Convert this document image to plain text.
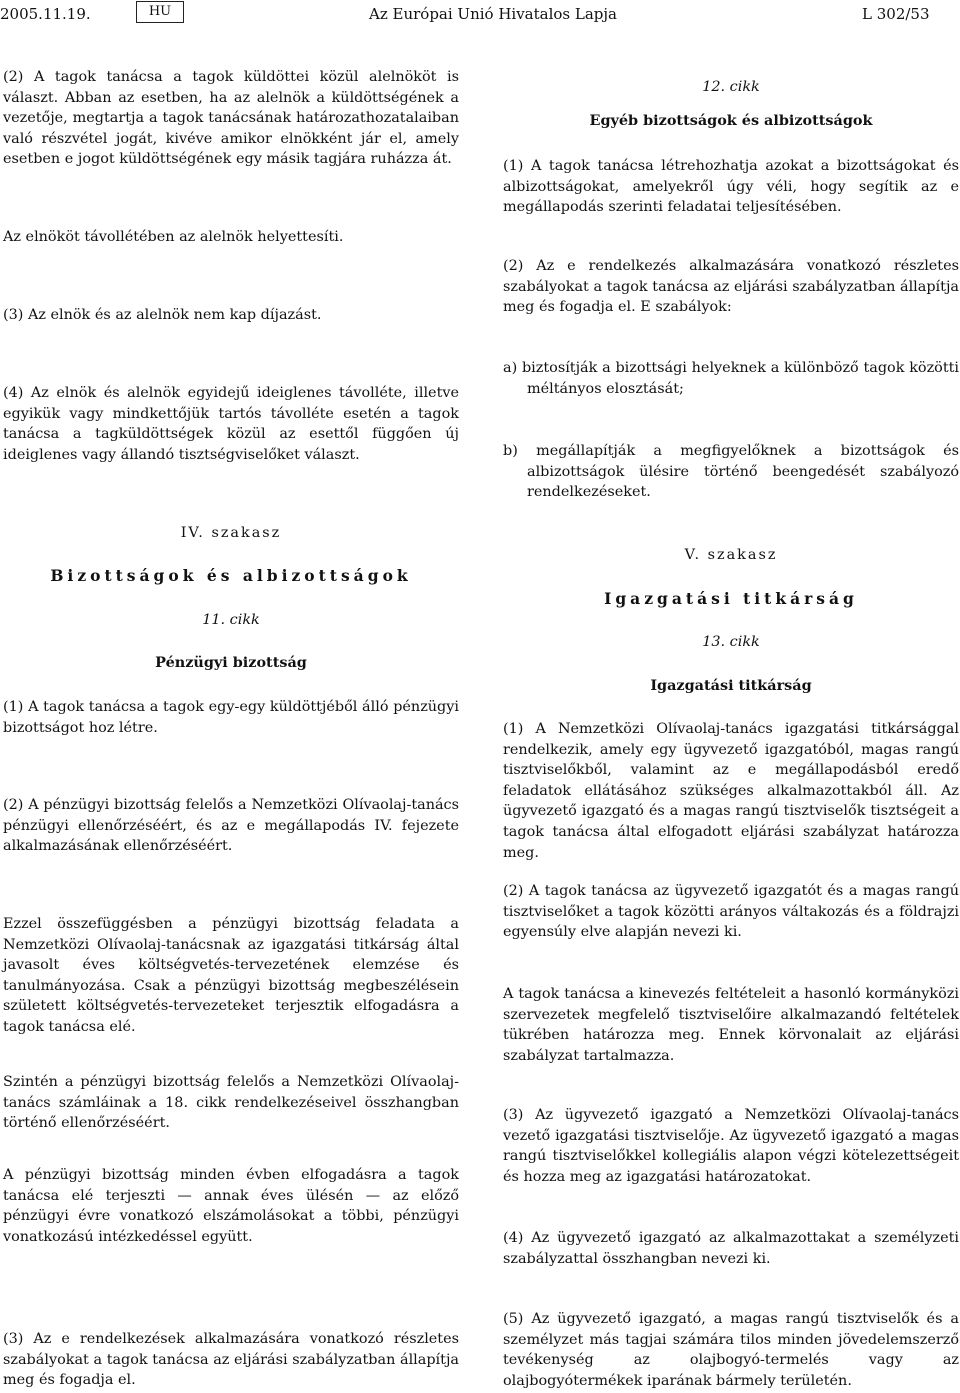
2005.11.19.	HU	Az Európai Unió Hivatalos Lapja	L 302/53

(2) A tagok tanácsa a tagok küldöttei közül alelnököt is választ. Abban az esetben, ha az alelnök a küldöttségének a vezetője, megtartja a tagok tanácsának határozathozatalaiban való részvétel jogát, kivéve amikor elnökként jár el, amely esetben e jogot küldöttségének egy másik tagjára ruházza át.

Az elnököt távollétében az alelnök helyettesíti.

(3) Az elnök és az alelnök nem kap díjazást.

(4) Az elnök és alelnök egyidejű ideiglenes távolléte, illetve egyikük vagy mindkettőjük tartós távolléte esetén a tagok tanácsa a tagküldöttségek közül az esettől függően új ideiglenes vagy állandó tisztségviselőket választ.

IV. szakasz

Bizottságok és albizottságok

11. cikk

Pénzügyi bizottság

(1) A tagok tanácsa a tagok egy-egy küldöttjéből álló pénzügyi bizottságot hoz létre.

(2) A pénzügyi bizottság felelős a Nemzetközi Olívaolaj-tanács pénzügyi ellenőrzéséért, és az e megállapodás IV. fejezete alkalmazásának ellenőrzéséért.

Ezzel összefüggésben a pénzügyi bizottság feladata a Nemzetközi Olívaolaj-tanácsnak az igazgatási titkárság által javasolt éves költségvetés-tervezetének elemzése és tanulmányozása. Csak a pénzügyi bizottság megbeszélésein született költségvetés-tervezeteket terjesztik elfogadásra a tagok tanácsa elé.

Szintén a pénzügyi bizottság felelős a Nemzetközi Olívaolaj-tanács számláinak a 18. cikk rendelkezéseivel összhangban történő ellenőrzéséért.

A pénzügyi bizottság minden évben elfogadásra a tagok tanácsa elé terjeszti — annak éves ülésén — az előző pénzügyi évre vonatkozó elszámolásokat a többi, pénzügyi vonatkozású intézkedéssel együtt.

(3) Az e rendelkezések alkalmazására vonatkozó részletes szabályokat a tagok tanácsa az eljárási szabályzatban állapítja meg és fogadja el.

12. cikk

Egyéb bizottságok és albizottságok

(1) A tagok tanácsa létrehozhatja azokat a bizottságokat és albizottságokat, amelyekről úgy véli, hogy segítik az e megállapodás szerinti feladatai teljesítésében.

(2) Az e rendelkezés alkalmazására vonatkozó részletes szabályokat a tagok tanácsa az eljárási szabályzatban állapítja meg és fogadja el. E szabályok:

a) biztosítják a bizottsági helyeknek a különböző tagok közötti méltányos elosztását;

b) megállapítják a megfigyelőknek a bizottságok és albizottságok ülésire történő beengedését szabályozó rendelkezéseket.

V. szakasz

Igazgatási titkárság

13. cikk

Igazgatási titkárság

(1) A Nemzetközi Olívaolaj-tanács igazgatási titkársággal rendelkezik, amely egy ügyvezető igazgatóból, magas rangú tisztviselőkből, valamint az e megállapodásból eredő feladatok ellátásához szükséges alkalmazottakból áll. Az ügyvezető igazgató és a magas rangú tisztviselők tisztségeit a tagok tanácsa által elfogadott eljárási szabályzat határozza meg.

(2) A tagok tanácsa az ügyvezető igazgatót és a magas rangú tisztviselőket a tagok közötti arányos váltakozás és a földrajzi egyensúly elve alapján nevezi ki.

A tagok tanácsa a kinevezés feltételeit a hasonló kormányközi szervezetek megfelelő tisztviselőire alkalmazandó feltételek tükrében határozza meg. Ennek körvonalait az eljárási szabályzat tartalmazza.

(3) Az ügyvezető igazgató a Nemzetközi Olívaolaj-tanács vezető igazgatási tisztviselője. Az ügyvezető igazgató a magas rangú tisztviselőkkel kollegiális alapon végzi kötelezettségeit és hozza meg az igazgatási határozatokat.

(4) Az ügyvezető igazgató az alkalmazottakat a személyzeti szabályzattal összhangban nevezi ki.

(5) Az ügyvezető igazgató, a magas rangú tisztviselők és a személyzet más tagjai számára tilos minden jövedelemszerző tevékenység az olajbogyó-termelés vagy az olajbogyótermékek iparának bármely területén.
